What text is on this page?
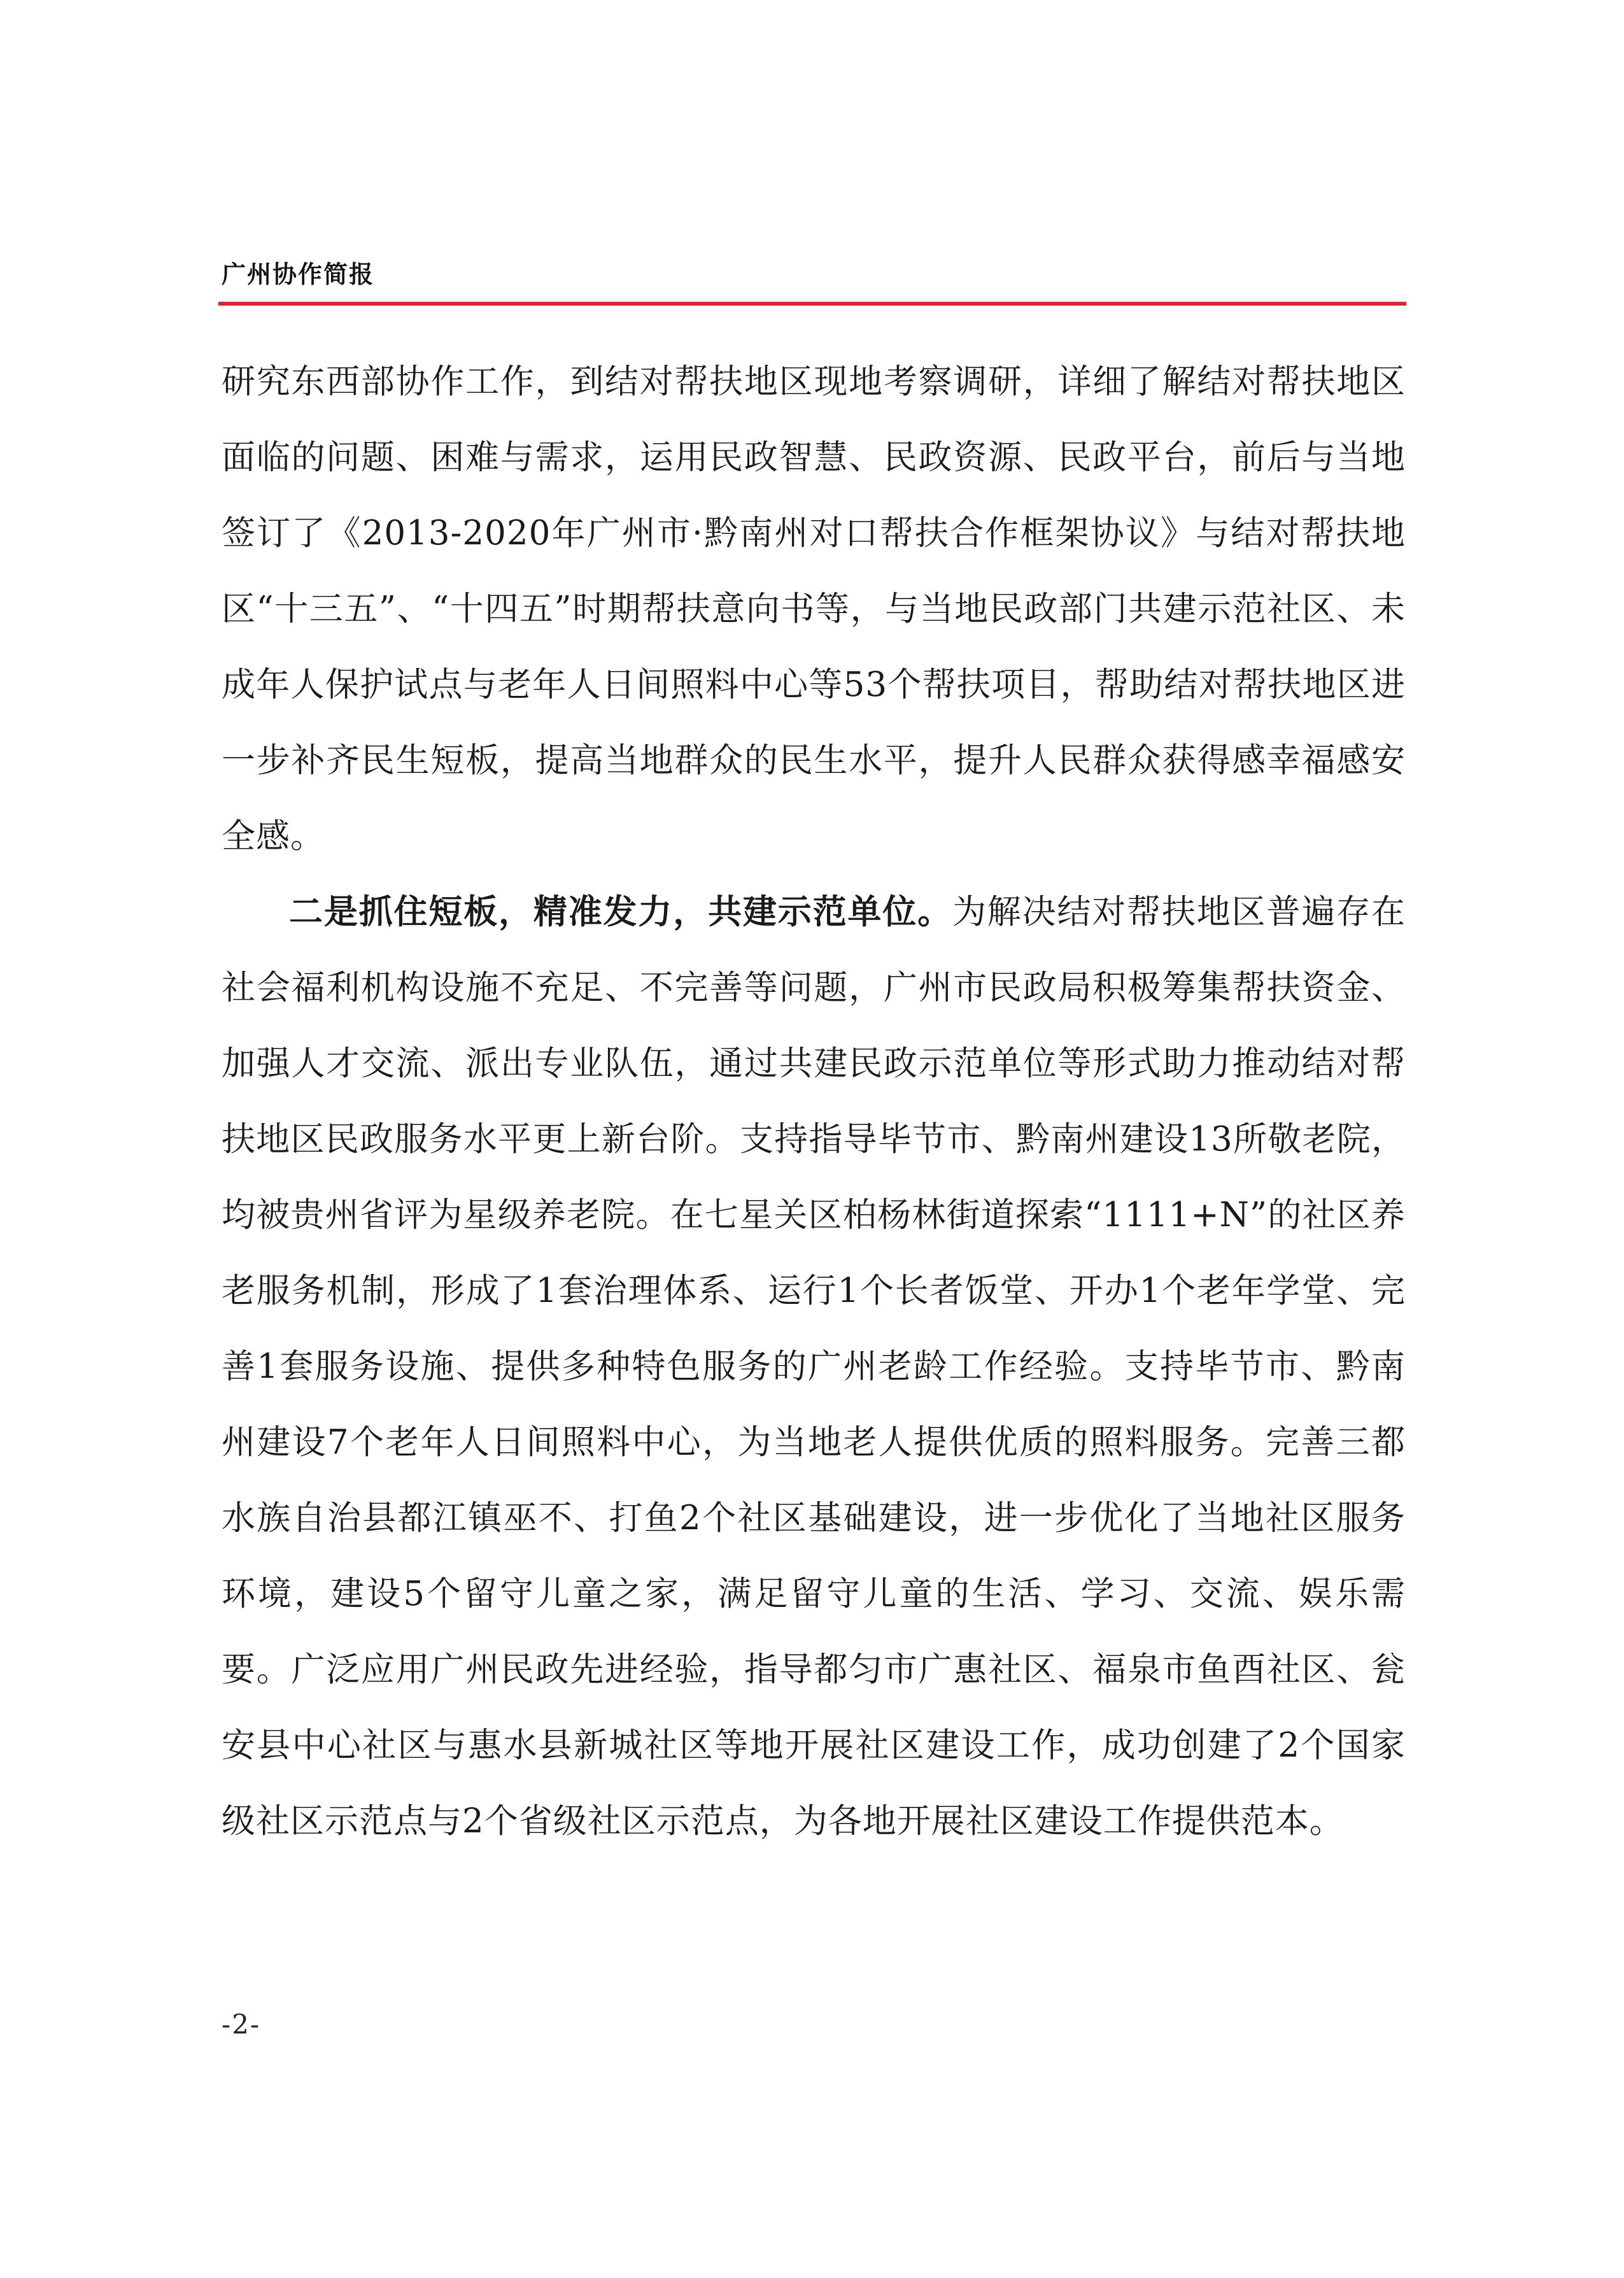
广州协作简报

研究东西部协作工作，到结对帮扶地区现地考察调研，详细了解结对帮扶地区面临的问题、困难与需求，运用民政智慧、民政资源、民政平台，前后与当地签订了《2013-2020年广州市·黔南州对口帮扶合作框架协议》与结对帮扶地区“十三五”、“十四五”时期帮扶意向书等，与当地民政部门共建示范社区、未成年人保护试点与老年人日间照料中心等53个帮扶项目，帮助结对帮扶地区进一步补齐民生短板，提高当地群众的民生水平，提升人民群众获得感幸福感安全感。

二是抓住短板，精准发力，共建示范单位。为解决结对帮扶地区普遍存在社会福利机构设施不充足、不完善等问题，广州市民政局积极筹集帮扶资金、加强人才交流、派出专业队伍，通过共建民政示范单位等形式助力推动结对帮扶地区民政服务水平更上新台阶。支持指导毕节市、黔南州建设13所敬老院，均被贵州省评为星级养老院。在七星关区柏杨林街道探索“1111+N”的社区养老服务机制，形成了1套治理体系、运行1个长者饭堂、开办1个老年学堂、完善1套服务设施、提供多种特色服务的广州老龄工作经验。支持毕节市、黔南州建设7个老年人日间照料中心，为当地老人提供优质的照料服务。完善三都水族自治县都江镇巫不、打鱼2个社区基础建设，进一步优化了当地社区服务环境，建设5个留守儿童之家，满足留守儿童的生活、学习、交流、娱乐需要。广泛应用广州民政先进经验，指导都匀市广惠社区、福泉市鱼酉社区、瓮安县中心社区与惠水县新城社区等地开展社区建设工作，成功创建了2个国家级社区示范点与2个省级社区示范点，为各地开展社区建设工作提供范本。

-2-
